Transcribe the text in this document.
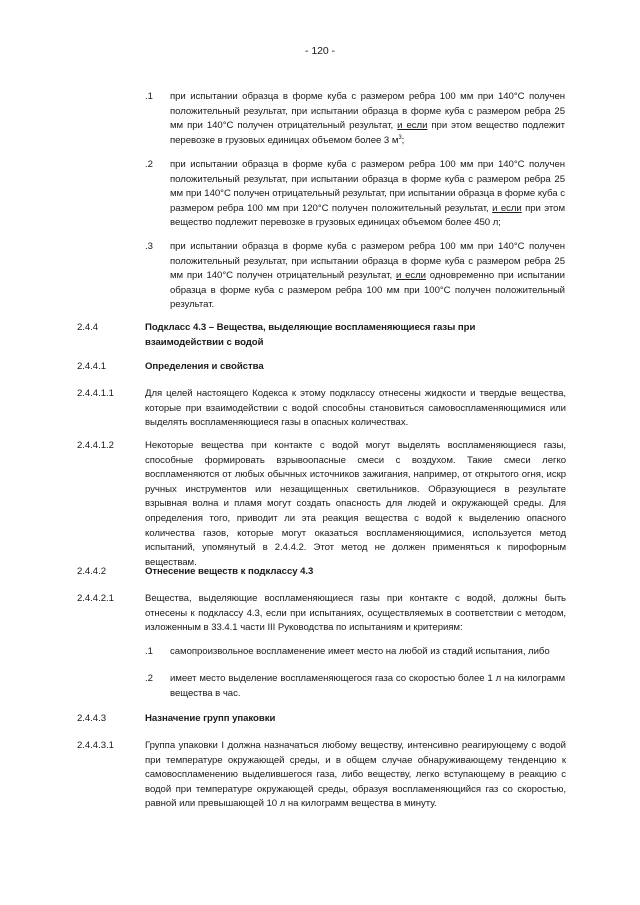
- 120 -
.1	при испытании образца в форме куба с размером ребра 100 мм при 140°C получен положительный результат, при испытании образца в форме куба с размером ребра 25 мм при 140°C получен отрицательный результат, и если при этом вещество подлежит перевозке в грузовых единицах объемом более 3 $м^3$;
.2	при испытании образца в форме куба с размером ребра 100 мм при 140°C получен положительный результат, при испытании образца в форме куба с размером ребра 25 мм при 140°C получен отрицательный результат, при испытании образца в форме куба с размером ребра 100 мм при 120°C получен положительный результат, и если при этом вещество подлежит перевозке в грузовых единицах объемом более 450 л;
.3	при испытании образца в форме куба с размером ребра 100 мм при 140°C получен положительный результат, при испытании образца в форме куба с размером ребра 25 мм при 140°C получен отрицательный результат, и если одновременно при испытании образца в форме куба с размером ребра 100 мм при 100°C получен положительный результат.
2.4.4	Подкласс 4.3 – Вещества, выделяющие воспламеняющиеся газы при взаимодействии с водой
2.4.4.1	Определения и свойства
2.4.4.1.1	Для целей настоящего Кодекса к этому подклассу отнесены жидкости и твердые вещества, которые при взаимодействии с водой способны становиться самовоспламеняющимися или выделять воспламеняющиеся газы в опасных количествах.
2.4.4.1.2	Некоторые вещества при контакте с водой могут выделять воспламеняющиеся газы, способные формировать взрывоопасные смеси с воздухом. Такие смеси легко воспламеняются от любых обычных источников зажигания, например, от открытого огня, искр ручных инструментов или незащищенных светильников. Образующиеся в результате взрывная волна и пламя могут создать опасность для людей и окружающей среды. Для определения того, приводит ли эта реакция вещества с водой к выделению опасного количества газов, которые могут оказаться воспламеняющимися, используется метод испытаний, упомянутый в 2.4.4.2. Этот метод не должен применяться к пирофорным веществам.
2.4.4.2	Отнесение веществ к подклассу 4.3
2.4.4.2.1	Вещества, выделяющие воспламеняющиеся газы при контакте с водой, должны быть отнесены к подклассу 4.3, если при испытаниях, осуществляемых в соответствии с методом, изложенным в 33.4.1 части III Руководства по испытаниям и критериям:
.1	самопроизвольное воспламенение имеет место на любой из стадий испытания, либо
.2	имеет место выделение воспламеняющегося газа со скоростью более 1 л на килограмм вещества в час.
2.4.4.3	Назначение групп упаковки
2.4.4.3.1	Группа упаковки I должна назначаться любому веществу, интенсивно реагирующему с водой при температуре окружающей среды, и в общем случае обнаруживающему тенденцию к самовоспламенению выделившегося газа, либо веществу, легко вступающему в реакцию с водой при температуре окружающей среды, образуя воспламеняющийся газ со скоростью, равной или превышающей 10 л на килограмм вещества в минуту.
